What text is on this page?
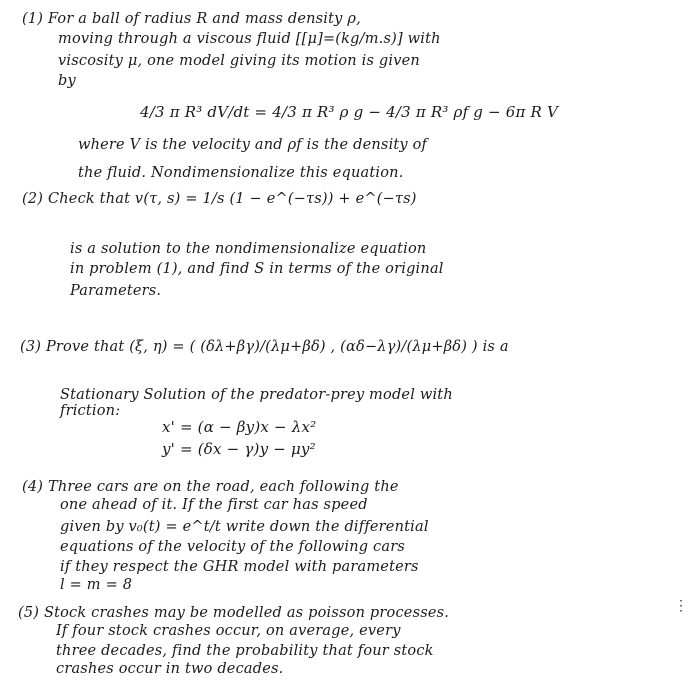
(1) For a ball of radius R and mass density ρ,
moving through a viscous fluid [[μ]=(kg/m.s)] with
viscosity μ, one model giving its motion is given
by
4/3 π R³ dV/dt = 4/3 π R³ ρ g − 4/3 π R³ ρf g − 6π R V
where V is the velocity and ρf is the density of
the fluid. Nondimensionalize this equation.
(2) Check that v(τ, s) = 1/s (1 − e^(−τs)) + e^(−τs)
is a solution to the nondimensionalize equation
in problem (1), and find S in terms of the original
Parameters.
(3) Prove that (ξ, η) = ( (δλ+βγ)/(λμ+βδ) , (αδ−λγ)/(λμ+βδ) ) is a
Stationary Solution of the predator-prey model with
friction:
x' = (α − βy)x − λx²
y' = (δx − γ)y − μy²
(4) Three cars are on the road, each following the
one ahead of it. If the first car has speed
given by v₀(t) = e^t/t write down the differential
equations of the velocity of the following cars
if they respect the GHR model with parameters
l = m = 8
(5) Stock crashes may be modelled as poisson processes.
If four stock crashes occur, on average, every
three decades, find the probability that four stock
crashes occur in two decades.
⋮
